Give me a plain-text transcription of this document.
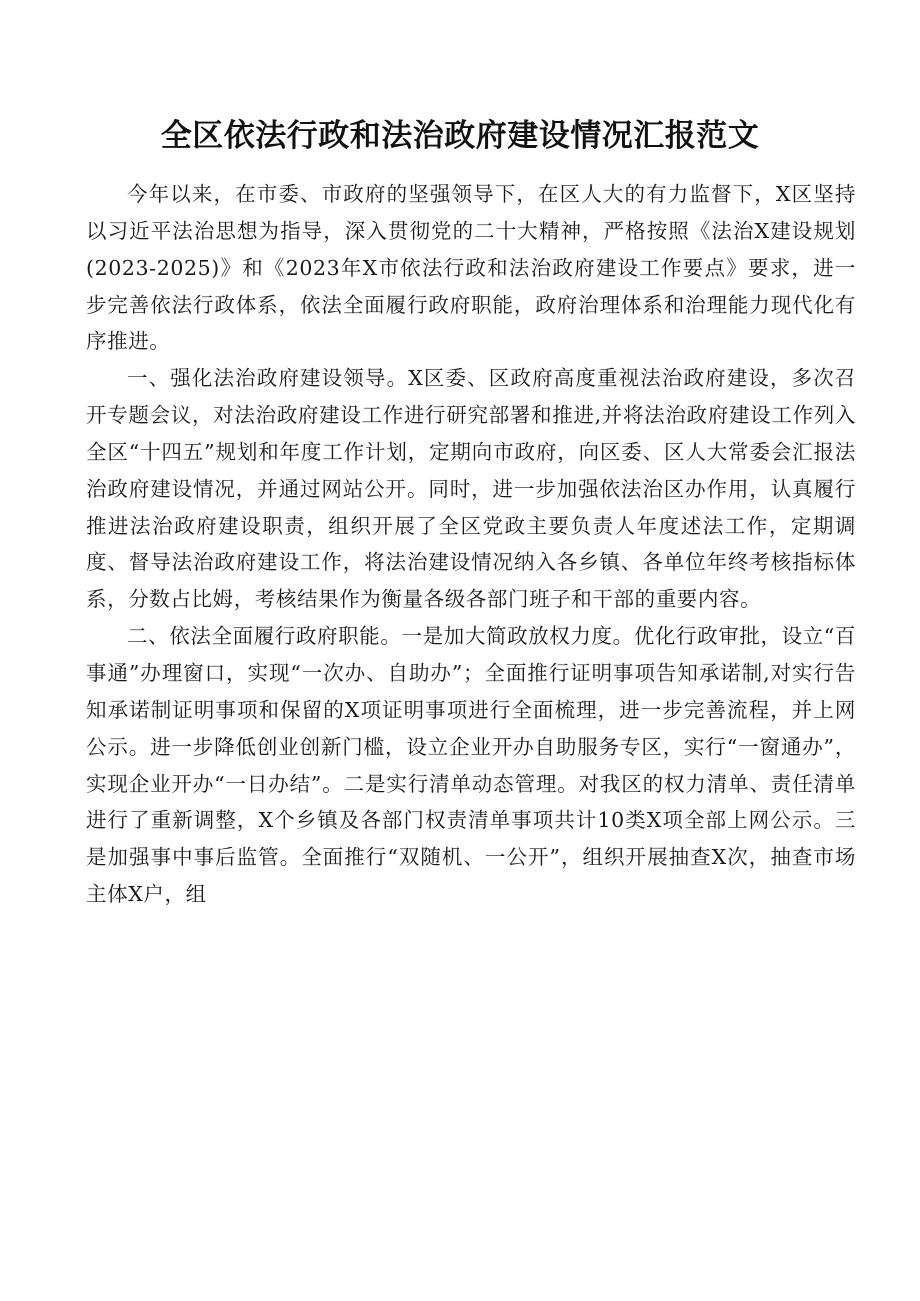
全区依法行政和法治政府建设情况汇报范文

今年以来，在市委、市政府的坚强领导下，在区人大的有力监督下，X区坚持以习近平法治思想为指导，深入贯彻党的二十大精神，严格按照《法治X建设规划(2023-2025)》和《2023年X市依法行政和法治政府建设工作要点》要求，进一步完善依法行政体系，依法全面履行政府职能，政府治理体系和治理能力现代化有序推进。

一、强化法治政府建设领导。X区委、区政府高度重视法治政府建设，多次召开专题会议，对法治政府建设工作进行研究部署和推进,并将法治政府建设工作列入全区“十四五”规划和年度工作计划，定期向市政府，向区委、区人大常委会汇报法治政府建设情况，并通过网站公开。同时，进一步加强依法治区办作用，认真履行推进法治政府建设职责，组织开展了全区党政主要负责人年度述法工作，定期调度、督导法治政府建设工作，将法治建设情况纳入各乡镇、各单位年终考核指标体系，分数占比姆，考核结果作为衡量各级各部门班子和干部的重要内容。

二、依法全面履行政府职能。一是加大简政放权力度。优化行政审批，设立“百事通”办理窗口，实现“一次办、自助办”；全面推行证明事项告知承诺制,对实行告知承诺制证明事项和保留的X项证明事项进行全面梳理，进一步完善流程，并上网公示。进一步降低创业创新门槛，设立企业开办自助服务专区，实行“一窗通办”，实现企业开办“一日办结”。二是实行清单动态管理。对我区的权力清单、责任清单进行了重新调整，X个乡镇及各部门权责清单事项共计10类X项全部上网公示。三是加强事中事后监管。全面推行“双随机、一公开”，组织开展抽查X次，抽查市场主体X户，组
